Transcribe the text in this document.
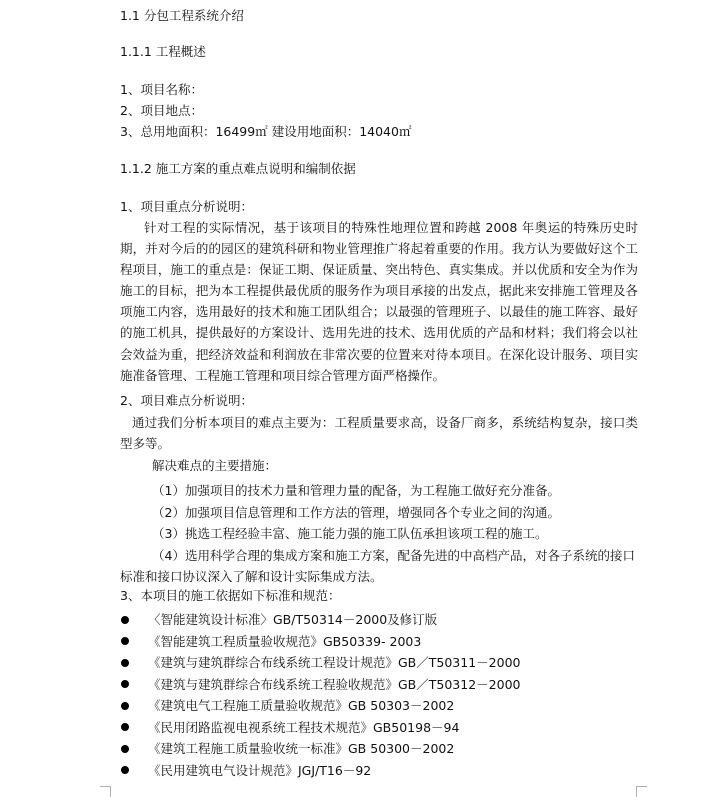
1.1 分包工程系统介绍
1.1.1 工程概述
1、项目名称：
2、项目地点：
3、总用地面积：16499㎡ 建设用地面积：14040㎡
1.1.2 施工方案的重点难点说明和编制依据
1、项目重点分析说明：

针对工程的实际情况，基于该项目的特殊性地理位置和跨越 2008 年奥运的特殊历史时期，并对今后的的园区的建筑科研和物业管理推广将起着重要的作用。我方认为要做好这个工程项目，施工的重点是：保证工期、保证质量、突出特色、真实集成。并以优质和安全为作为施工的目标，把为本工程提供最优质的服务作为项目承接的出发点，据此来安排施工管理及各项施工内容，选用最好的技术和施工团队组合；以最强的管理班子、以最佳的施工阵容、最好的施工机具，提供最好的方案设计、选用先进的技术、选用优质的产品和材料；我们将会以社会效益为重，把经济效益和利润放在非常次要的位置来对待本项目。在深化设计服务、项目实施准备管理、工程施工管理和项目综合管理方面严格操作。

2、项目难点分析说明：

通过我们分析本项目的难点主要为：工程质量要求高，设备厂商多，系统结构复杂，接口类型多等。

解决难点的主要措施：
（1）加强项目的技术力量和管理力量的配备，为工程施工做好充分准备。
（2）加强项目信息管理和工作方法的管理，增强同各个专业之间的沟通。
（3）挑选工程经验丰富、施工能力强的施工队伍承担该项工程的施工。
（4）选用科学合理的集成方案和施工方案，配备先进的中高档产品，对各子系统的接口标准和接口协议深入了解和设计实际集成方法。
3、本项目的施工依据如下标准和规范：
〈智能建筑设计标准〉GB/T50314－2000及修订版
《智能建筑工程质量验收规范》GB50339- 2003
《建筑与建筑群综合布线系统工程设计规范》GB／T50311－2000
《建筑与建筑群综合布线系统工程验收规范》GB／T50312－2000
《建筑电气工程施工质量验收规范》GB 50303－2002
《民用闭路监视电视系统工程技术规范》GB50198－94
《建筑工程施工质量验收统一标准》GB 50300－2002
《民用建筑电气设计规范》JGJ/T16－92
